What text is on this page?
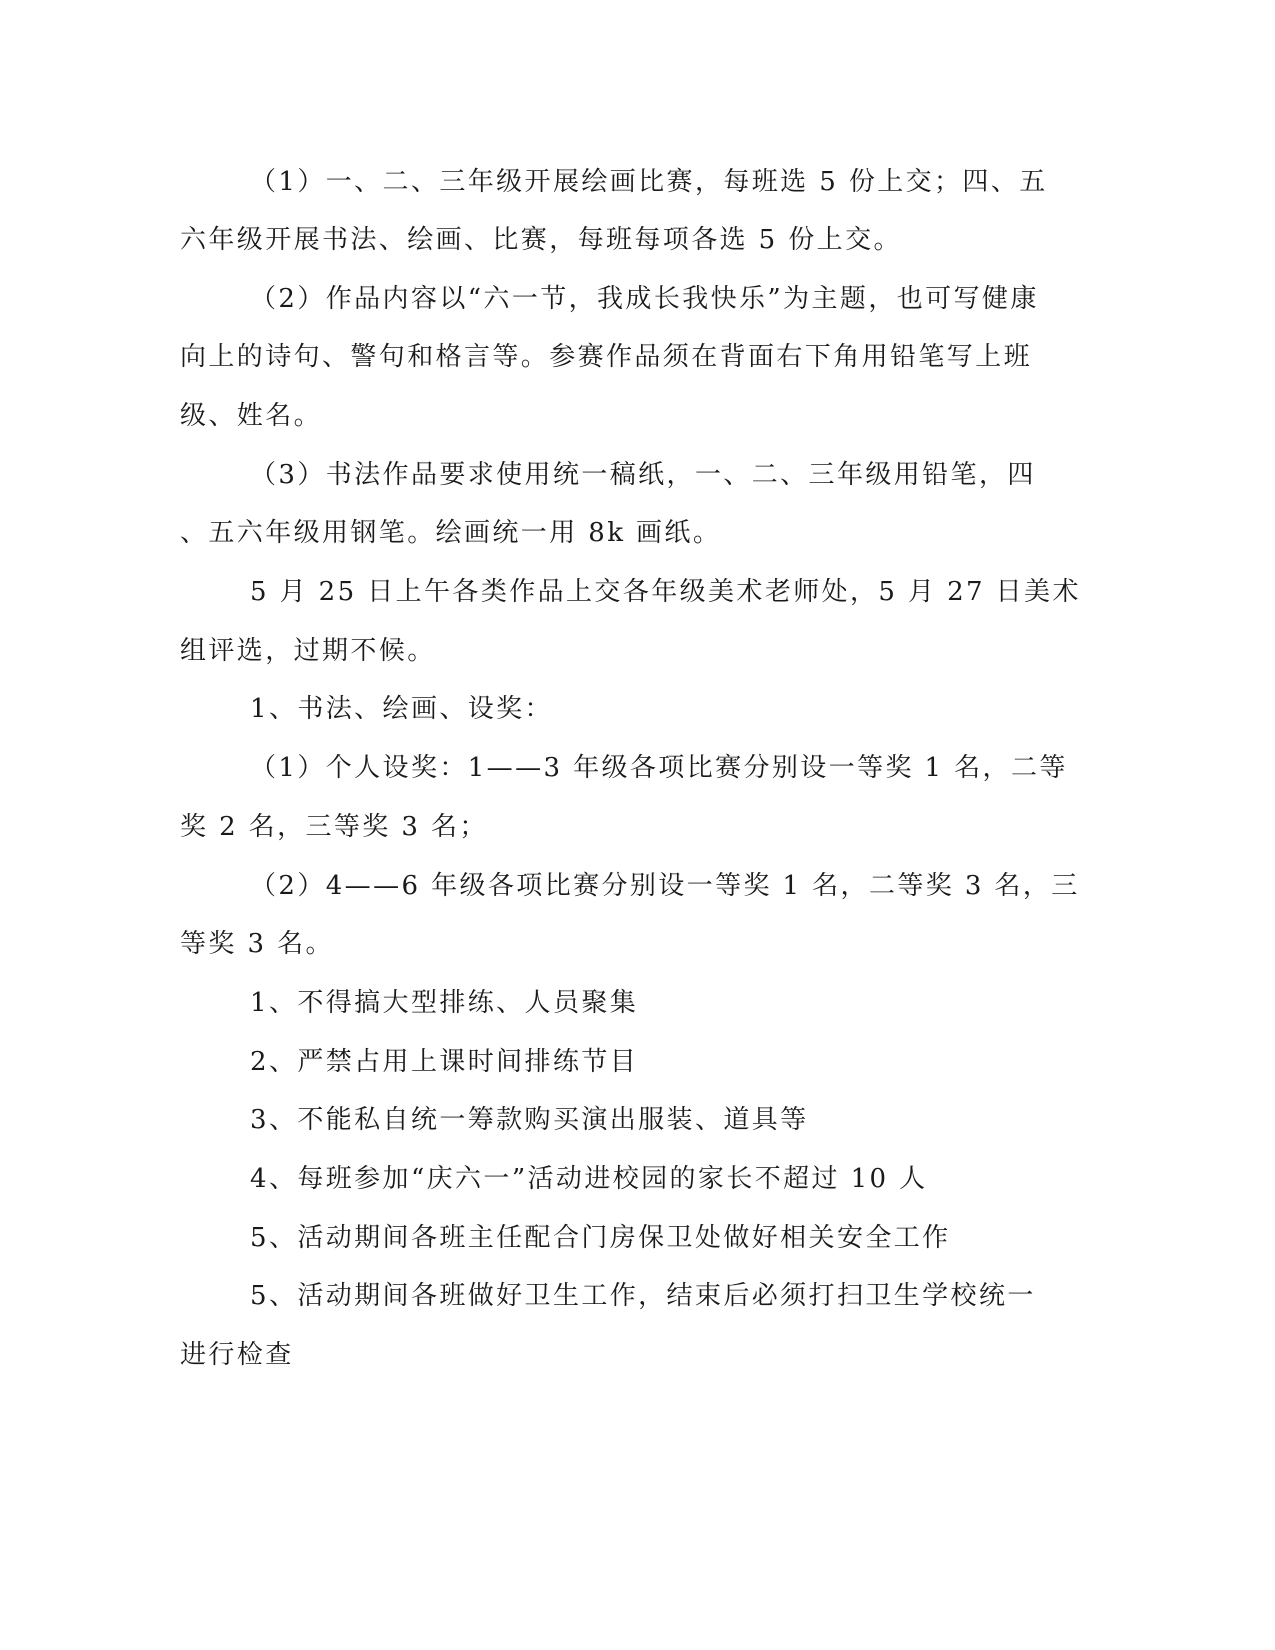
（1）一、二、三年级开展绘画比赛，每班选 5 份上交；四、五
六年级开展书法、绘画、比赛，每班每项各选 5 份上交。
（2）作品内容以“六一节，我成长我快乐”为主题，也可写健康
向上的诗句、警句和格言等。参赛作品须在背面右下角用铅笔写上班
级、姓名。
（3）书法作品要求使用统一稿纸，一、二、三年级用铅笔，四
、五六年级用钢笔。绘画统一用 8k 画纸。
5 月 25 日上午各类作品上交各年级美术老师处，5 月 27 日美术
组评选，过期不候。
1、书法、绘画、设奖：
（1）个人设奖：1——3 年级各项比赛分别设一等奖 1 名，二等
奖 2 名，三等奖 3 名；
（2）4——6 年级各项比赛分别设一等奖 1 名，二等奖 3 名，三
等奖 3 名。
1、不得搞大型排练、人员聚集
2、严禁占用上课时间排练节目
3、不能私自统一筹款购买演出服装、道具等
4、每班参加“庆六一”活动进校园的家长不超过 10 人
5、活动期间各班主任配合门房保卫处做好相关安全工作
5、活动期间各班做好卫生工作，结束后必须打扫卫生学校统一
进行检查
